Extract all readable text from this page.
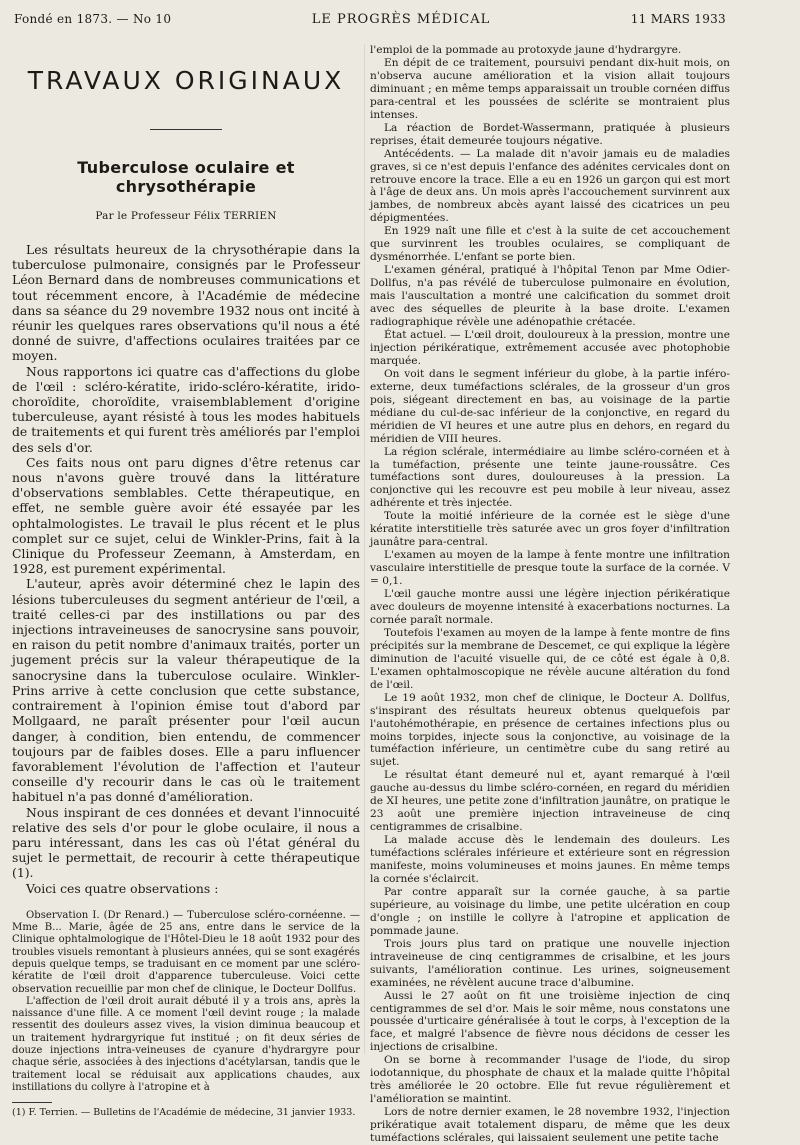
Fondé en 1873. — No 10	LE PROGRÈS MÉDICAL	11 MARS 1933
TRAVAUX ORIGINAUX
Tuberculose oculaire et chrysothérapie
Par le Professeur Félix TERRIEN

Les résultats heureux de la chrysothérapie dans la tuberculose pulmonaire, consignés par le Professeur Léon Bernard dans de nombreuses communications et tout récemment encore, à l'Académie de médecine dans sa séance du 29 novembre 1932 nous ont incité à réunir les quelques rares observations qu'il nous a été donné de suivre, d'affections oculaires traitées par ce moyen.

Nous rapportons ici quatre cas d'affections du globe de l'œil : scléro-kératite, irido-scléro-kératite, irido-choroïdite, choroïdite, vraisemblablement d'origine tuberculeuse, ayant résisté à tous les modes habituels de traitements et qui furent très améliorés par l'emploi des sels d'or.

Ces faits nous ont paru dignes d'être retenus car nous n'avons guère trouvé dans la littérature d'observations semblables. Cette thérapeutique, en effet, ne semble guère avoir été essayée par les ophtalmologistes. Le travail le plus récent et le plus complet sur ce sujet, celui de Winkler-Prins, fait à la Clinique du Professeur Zeemann, à Amsterdam, en 1928, est purement expérimental.

L'auteur, après avoir déterminé chez le lapin des lésions tuberculeuses du segment antérieur de l'œil, a traité celles-ci par des instillations ou par des injections intraveineuses de sanocrysine sans pouvoir, en raison du petit nombre d'animaux traités, porter un jugement précis sur la valeur thérapeutique de la sanocrysine dans la tuberculose oculaire. Winkler-Prins arrive à cette conclusion que cette substance, contrairement à l'opinion émise tout d'abord par Mollgaard, ne paraît présenter pour l'œil aucun danger, à condition, bien entendu, de commencer toujours par de faibles doses. Elle a paru influencer favorablement l'évolution de l'affection et l'auteur conseille d'y recourir dans le cas où le traitement habituel n'a pas donné d'amélioration.

Nous inspirant de ces données et devant l'innocuité relative des sels d'or pour le globe oculaire, il nous a paru intéressant, dans les cas où l'état général du sujet le permettait, de recourir à cette thérapeutique (1).

Voici ces quatre observations :

Observation I. (Dr Renard.) — Tuberculose scléro-cornéenne. — Mme B... Marie, âgée de 25 ans, entre dans le service de la Clinique ophtalmologique de l'Hôtel-Dieu le 18 août 1932 pour des troubles visuels remontant à plusieurs années, qui se sont exagérés depuis quelque temps, se traduisant en ce moment par une scléro-kératite de l'œil droit d'apparence tuberculeuse. Voici cette observation recueillie par mon chef de clinique, le Docteur Dollfus.

L'affection de l'œil droit aurait débuté il y a trois ans, après la naissance d'une fille. A ce moment l'œil devint rouge ; la malade ressentit des douleurs assez vives, la vision diminua beaucoup et un traitement hydrargyrique fut institué ; on fit deux séries de douze injections intra-veineuses de cyanure d'hydrargyre pour chaque série, associées à des injections d'acétylarsan, tandis que le traitement local se réduisait aux applications chaudes, aux instillations du collyre à l'atropine et à

(1) F. Terrien. — Bulletins de l'Académie de médecine, 31 janvier 1933.

l'emploi de la pommade au protoxyde jaune d'hydrargyre.

En dépit de ce traitement, poursuivi pendant dix-huit mois, on n'observa aucune amélioration et la vision allait toujours diminuant ; en même temps apparaissait un trouble cornéen diffus para-central et les poussées de sclérite se montraient plus intenses.

La réaction de Bordet-Wassermann, pratiquée à plusieurs reprises, était demeurée toujours négative.

Antécédents. — La malade dit n'avoir jamais eu de maladies graves, si ce n'est depuis l'enfance des adénites cervicales dont on retrouve encore la trace. Elle a eu en 1926 un garçon qui est mort à l'âge de deux ans. Un mois après l'accouchement survinrent aux jambes, de nombreux abcès ayant laissé des cicatrices un peu dépigmentées.

En 1929 naît une fille et c'est à la suite de cet accouchement que survinrent les troubles oculaires, se compliquant de dysménorrhée. L'enfant se porte bien.

L'examen général, pratiqué à l'hôpital Tenon par Mme Odier-Dollfus, n'a pas révélé de tuberculose pulmonaire en évolution, mais l'auscultation a montré une calcification du sommet droit avec des séquelles de pleurite à la base droite. L'examen radiographique révèle une adénopathie crétacée.

État actuel. — L'œil droit, douloureux à la pression, montre une injection périkératique, extrêmement accusée avec photophobie marquée.

On voit dans le segment inférieur du globe, à la partie inféro-externe, deux tuméfactions sclérales, de la grosseur d'un gros pois, siégeant directement en bas, au voisinage de la partie médiane du cul-de-sac inférieur de la conjonctive, en regard du méridien de VI heures et une autre plus en dehors, en regard du méridien de VIII heures.

La région sclérale, intermédiaire au limbe scléro-cornéen et à la tuméfaction, présente une teinte jaune-roussâtre. Ces tuméfactions sont dures, douloureuses à la pression. La conjonctive qui les recouvre est peu mobile à leur niveau, assez adhérente et très injectée.

Toute la moitié inférieure de la cornée est le siège d'une kératite interstitielle très saturée avec un gros foyer d'infiltration jaunâtre para-central.

L'examen au moyen de la lampe à fente montre une infiltration vasculaire interstitielle de presque toute la surface de la cornée. V = 0,1.

L'œil gauche montre aussi une légère injection périkératique avec douleurs de moyenne intensité à exacerbations nocturnes. La cornée paraît normale.

Toutefois l'examen au moyen de la lampe à fente montre de fins précipités sur la membrane de Descemet, ce qui explique la légère diminution de l'acuité visuelle qui, de ce côté est égale à 0,8. L'examen ophtalmoscopique ne révèle aucune altération du fond de l'œil.

Le 19 août 1932, mon chef de clinique, le Docteur A. Dollfus, s'inspirant des résultats heureux obtenus quelquefois par l'autohémothérapie, en présence de certaines infections plus ou moins torpides, injecte sous la conjonctive, au voisinage de la tuméfaction inférieure, un centimètre cube du sang retiré au sujet.

Le résultat étant demeuré nul et, ayant remarqué à l'œil gauche au-dessus du limbe scléro-cornéen, en regard du méridien de XI heures, une petite zone d'infiltration jaunâtre, on pratique le 23 août une première injection intraveineuse de cinq centigrammes de crisalbine.

La malade accuse dès le lendemain des douleurs. Les tuméfactions sclérales inférieure et extérieure sont en régression manifeste, moins volumineuses et moins jaunes. En même temps la cornée s'éclaircit.

Par contre apparaît sur la cornée gauche, à sa partie supérieure, au voisinage du limbe, une petite ulcération en coup d'ongle ; on instille le collyre à l'atropine et application de pommade jaune.

Trois jours plus tard on pratique une nouvelle injection intraveineuse de cinq centigrammes de crisalbine, et les jours suivants, l'amélioration continue. Les urines, soigneusement examinées, ne révèlent aucune trace d'albumine.

Aussi le 27 août on fit une troisième injection de cinq centigrammes de sel d'or. Mais le soir même, nous constatons une poussée d'urticaire généralisée à tout le corps, à l'exception de la face, et malgré l'absence de fièvre nous décidons de cesser les injections de crisalbine.

On se borne à recommander l'usage de l'iode, du sirop iodotannique, du phosphate de chaux et la malade quitte l'hôpital très améliorée le 20 octobre. Elle fut revue régulièrement et l'amélioration se maintint.

Lors de notre dernier examen, le 28 novembre 1932, l'injection prikératique avait totalement disparu, de même que les deux tuméfactions sclérales, qui laissaient seulement une petite tache
